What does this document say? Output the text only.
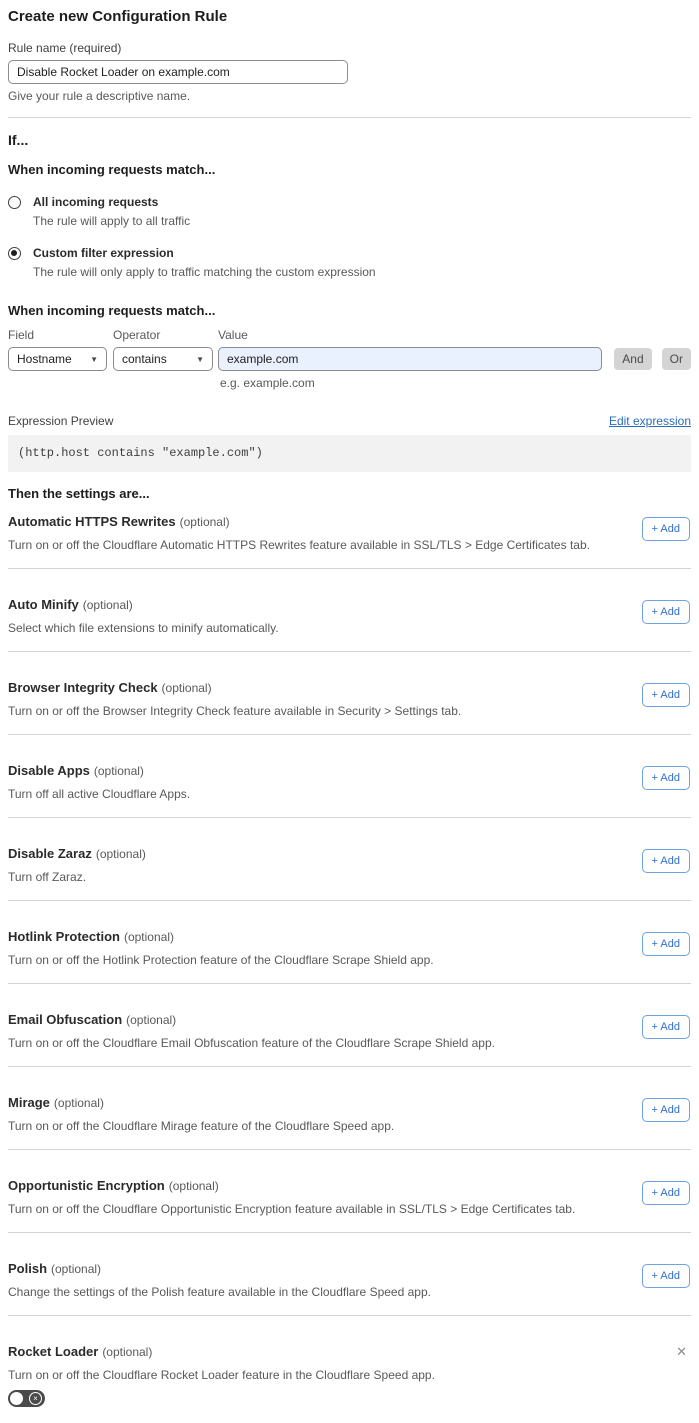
Create new Configuration Rule
Rule name (required)
Disable Rocket Loader on example.com
Give your rule a descriptive name.
If...
When incoming requests match...
All incoming requests
The rule will apply to all traffic
Custom filter expression
The rule will only apply to traffic matching the custom expression
When incoming requests match...
Field
Hostname ▼
Operator
contains	▼
Value
example.com
And	Or
e.g. example.com
Expression Preview	Edit expression
(http.host contains "example.com")
Then the settings are...
Automatic HTTPS Rewrites (optional)
Turn on or off the Cloudflare Automatic HTTPS Rewrites feature available in SSL/TLS > Edge Certificates tab.
+ Add
Auto Minify (optional)
Select which file extensions to minify automatically.
+ Add
Browser Integrity Check (optional)
Turn on or off the Browser Integrity Check feature available in Security > Settings tab.
+ Add
Disable Apps (optional)
Turn off all active Cloudflare Apps.
+ Add
Disable Zaraz (optional)
Turn off Zaraz.
+ Add
Hotlink Protection (optional)
Turn on or off the Hotlink Protection feature of the Cloudflare Scrape Shield app.
+ Add
Email Obfuscation (optional)
Turn on or off the Cloudflare Email Obfuscation feature of the Cloudflare Scrape Shield app.
+ Add
Mirage (optional)
Turn on or off the Cloudflare Mirage feature of the Cloudflare Speed app.
+ Add
Opportunistic Encryption (optional)
Turn on or off the Cloudflare Opportunistic Encryption feature available in SSL/TLS > Edge Certificates tab.
+ Add
Polish (optional)
Change the settings of the Polish feature available in the Cloudflare Speed app.
+ Add
Rocket Loader (optional)
Turn on or off the Cloudflare Rocket Loader feature in the Cloudflare Speed app.
✕
×
